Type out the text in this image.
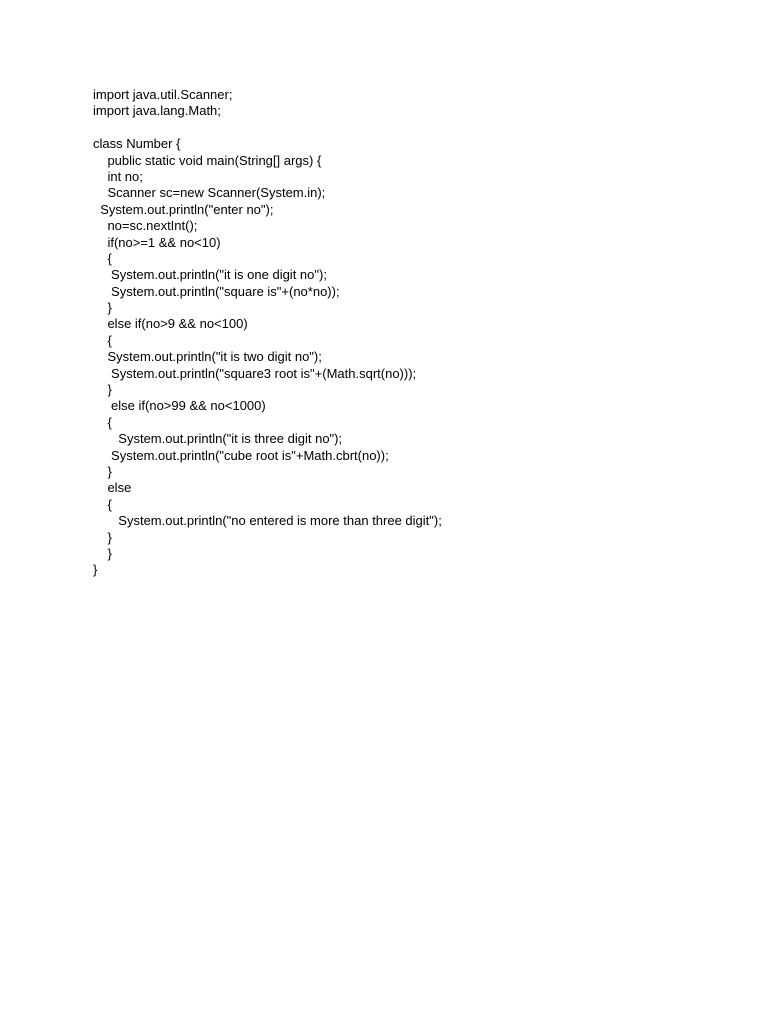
import java.util.Scanner;
import java.lang.Math;
class Number {
public static void main(String[] args) {
int no;
Scanner sc=new Scanner(System.in);
System.out.println("enter no");
no=sc.nextInt();
if(no>=1 && no<10)
{
System.out.println("it is one digit no");
System.out.println("square is"+(no*no));
}
else if(no>9 && no<100)
{
System.out.println("it is two digit no");
System.out.println("square3 root is"+(Math.sqrt(no)));
}
else if(no>99 && no<1000)
{
System.out.println("it is three digit no");
System.out.println("cube root is"+Math.cbrt(no));
}
else
{
System.out.println("no entered is more than three digit");
}
}
}
